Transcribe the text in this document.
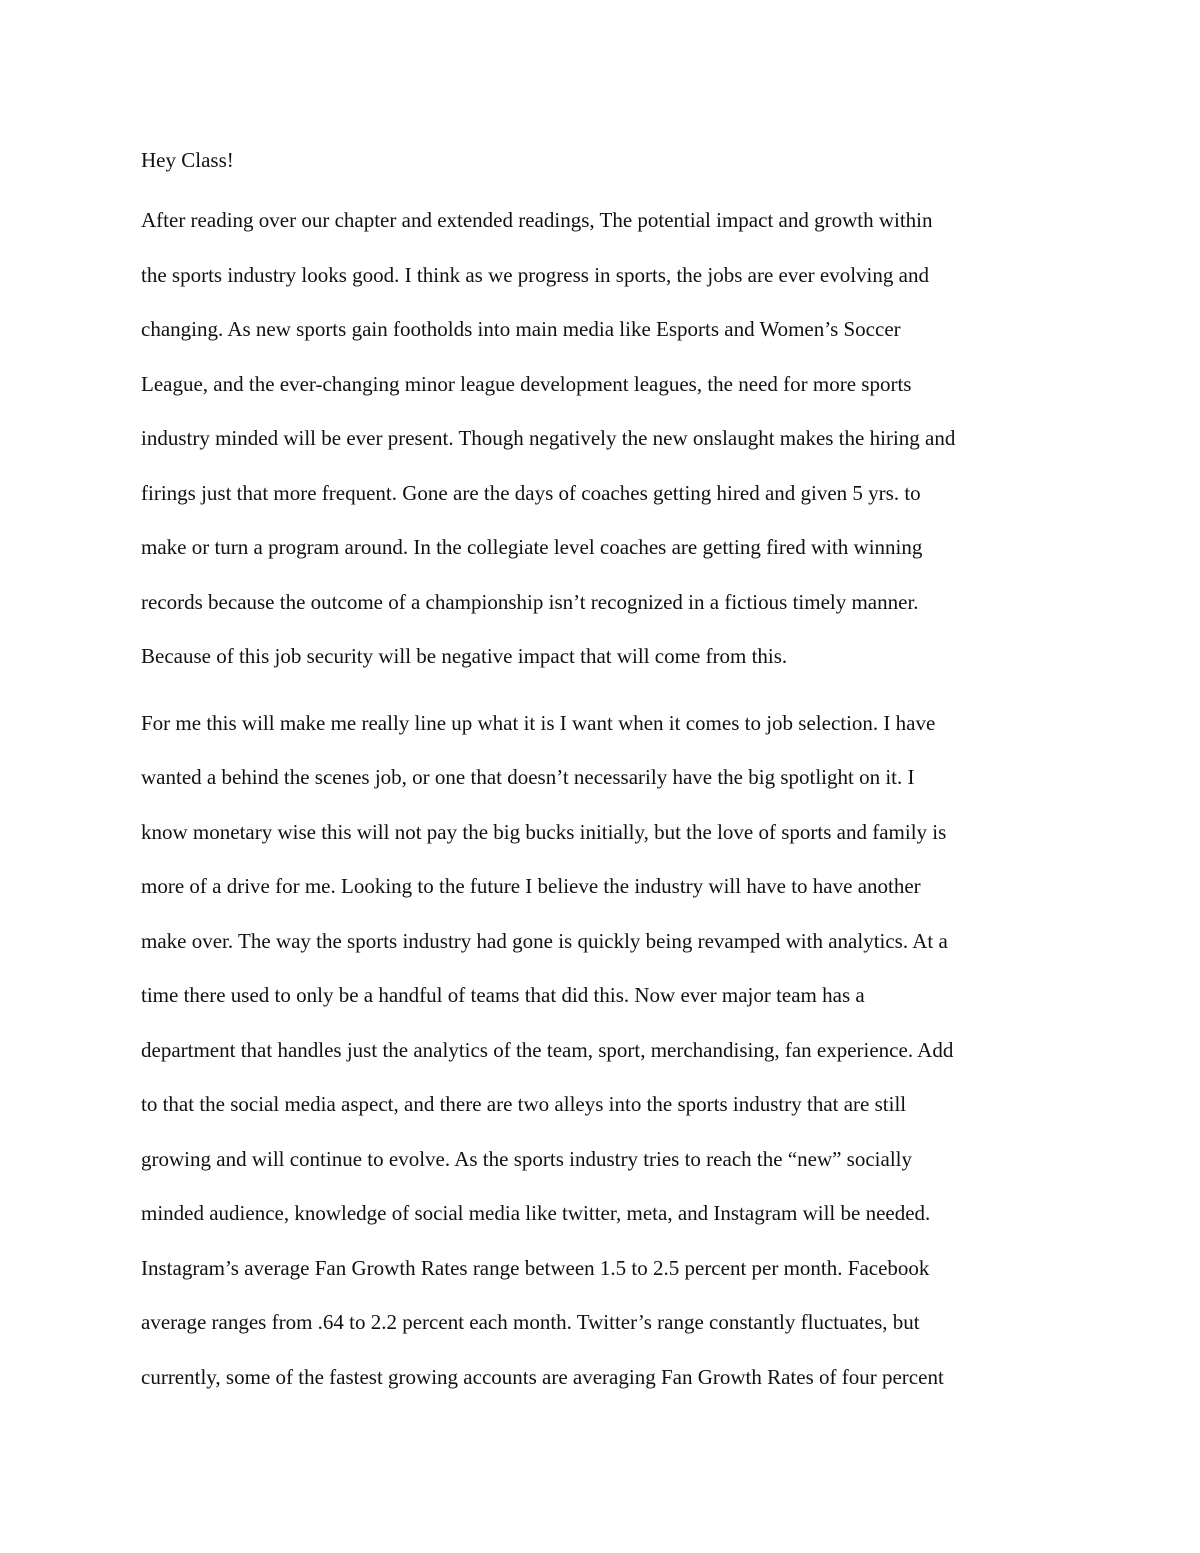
Hey Class!
After reading over our chapter and extended readings, The potential impact and growth within
the sports industry looks good. I think as we progress in sports, the jobs are ever evolving and
changing. As new sports gain footholds into main media like Esports and Women’s Soccer
League, and the ever-changing minor league development leagues, the need for more sports
industry minded will be ever present. Though negatively the new onslaught makes the hiring and
firings just that more frequent. Gone are the days of coaches getting hired and given 5 yrs. to
make or turn a program around. In the collegiate level coaches are getting fired with winning
records because the outcome of a championship isn’t recognized in a fictious timely manner.
Because of this job security will be negative impact that will come from this.
For me this will make me really line up what it is I want when it comes to job selection. I have
wanted a behind the scenes job, or one that doesn’t necessarily have the big spotlight on it. I
know monetary wise this will not pay the big bucks initially, but the love of sports and family is
more of a drive for me. Looking to the future I believe the industry will have to have another
make over. The way the sports industry had gone is quickly being revamped with analytics. At a
time there used to only be a handful of teams that did this. Now ever major team has a
department that handles just the analytics of the team, sport, merchandising, fan experience. Add
to that the social media aspect, and there are two alleys into the sports industry that are still
growing and will continue to evolve. As the sports industry tries to reach the “new” socially
minded audience, knowledge of social media like twitter, meta, and Instagram will be needed.
Instagram’s average Fan Growth Rates range between 1.5 to 2.5 percent per month. Facebook
average ranges from .64 to 2.2 percent each month. Twitter’s range constantly fluctuates, but
currently, some of the fastest growing accounts are averaging Fan Growth Rates of four percent
